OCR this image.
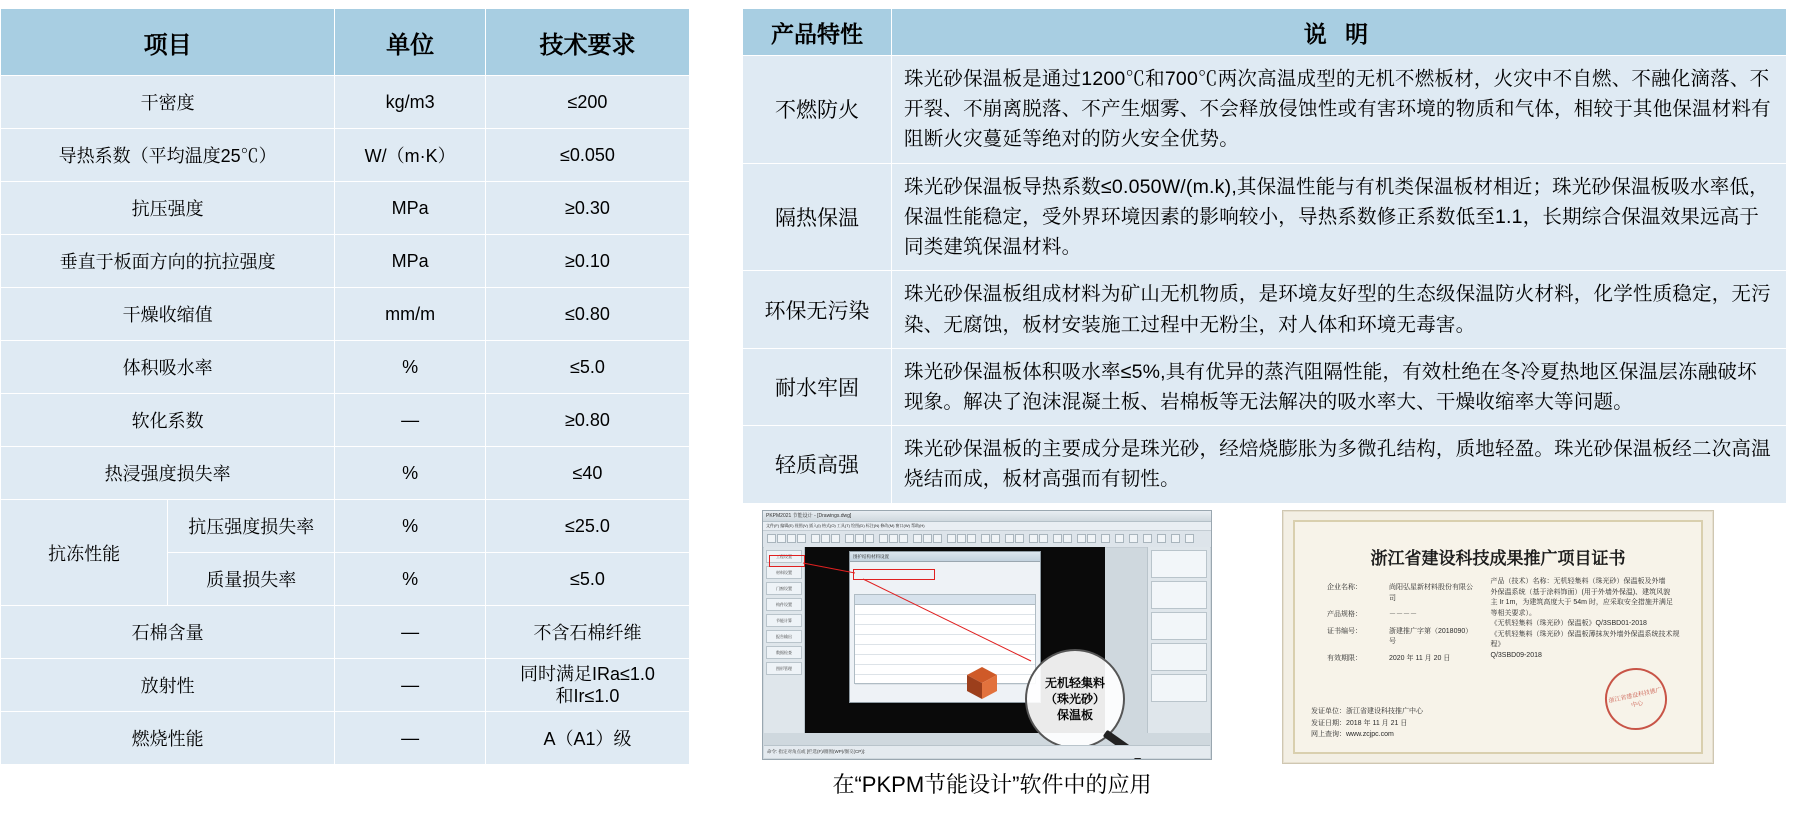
项目		单位	技术要求
干密度		kg/m3	≤200
导热系数（平均温度25℃）		W/（m·K）	≤0.050
抗压强度		MPa	≥0.30
垂直于板面方向的抗拉强度		MPa	≥0.10
干燥收缩值		mm/m	≤0.80
体积吸水率		%	≤5.0
软化系数		—	≥0.80
热浸强度损失率		%	≤40
抗冻性能	抗压强度损失率	%	≤25.0
	质量损失率	%	≤5.0
石棉含量		—	不含石棉纤维
放射性		—	同时满足IRa≤1.0
和Ir≤1.0

燃烧性能		—	A（A1）级
产品特性	说 明
不燃防火	珠光砂保温板是通过1200℃和700℃两次高温成型的无机不燃板材，火灾中不自燃、不融化滴落、不开裂、不崩离脱落、不产生烟雾、不会释放侵蚀性或有害环境的物质和气体，相较于其他保温材料有阻断火灾蔓延等绝对的防火安全优势。
隔热保温	珠光砂保温板导热系数≤0.050W/(m.k),其保温性能与有机类保温板材相近；珠光砂保温板吸水率低，保温性能稳定，受外界环境因素的影响较小，导热系数修正系数低至1.1，长期综合保温效果远高于同类建筑保温材料。
环保无污染	珠光砂保温板组成材料为矿山无机物质，是环境友好型的生态级保温防火材料，化学性质稳定，无污染、无腐蚀，板材安装施工过程中无粉尘，对人体和环境无毒害。
耐水牢固	珠光砂保温板体积吸水率≤5%,具有优异的蒸汽阻隔性能，有效杜绝在冬冷夏热地区保温层冻融破坏现象。解决了泡沫混凝土板、岩棉板等无法解决的吸水率大、干燥收缩率大等问题。
轻质高强	珠光砂保温板的主要成分是珠光砂，经焙烧膨胀为多微孔结构，质地轻盈。珠光砂保温板经二次高温烧结而成，板材高强而有韧性。
PKPM2021 节能设计 - [Drawings.dwg]
文件(F) 编辑(E) 视图(V) 插入(I) 格式(O) 工具(T) 绘图(D) 标注(N) 修改(M) 窗口(W) 帮助(H)
工程设置
材料设置
门窗设置
构件设置
节能计算
报告输出
数据检查
图形管理
围护结构材料设置
无机轻集料
（珠光砂）
保温板
命令: 指定对角点或 [栏选(F)/圈围(WP)/圈交(CP)]:
在“PKPM节能设计”软件中的应用
浙江省建设科技成果推广项目证书
企业名称：	尚阳弘星新材料股份有限公司
产品规格：	－－－－
证书编号：	浙建推广字第（2018090）号
有效期限：	2020 年 11 月 20 日
产品（技术）名称：无机轻集料（珠光砂）保温板及外墙
外保温系统（基于涂料饰面）(用于外墙外保温)、建筑风貌
主 Ir 1m，为建筑高度大于 54m 时，应采取安全措施并满足
等相关要求）。
《无机轻集料（珠光砂）保温板》Q/3SBD01-2018
《无机轻集料（珠光砂）保温板薄抹灰外墙外保温系统技术规程》
Q/3SBD09-2018
发证单位：浙江省建设科技推广中心
发证日期：2018 年 11 月 21 日
网上查询：www.zcjpc.com
浙江省建设科技推广中心
